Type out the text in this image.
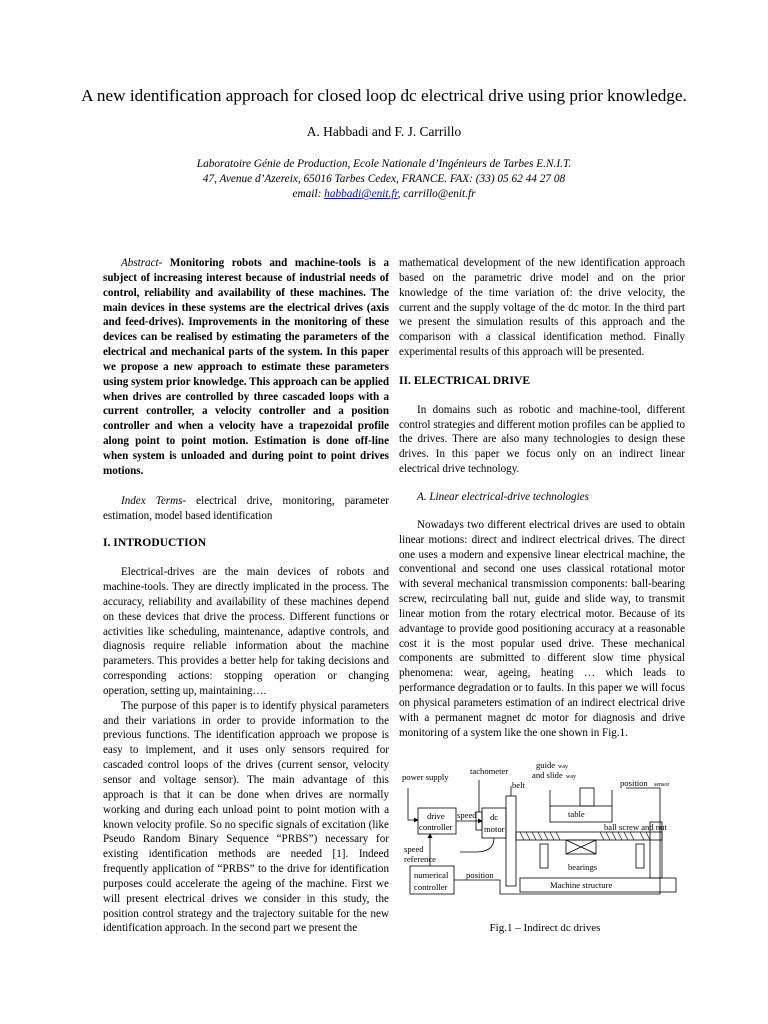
A new identification approach for closed loop dc electrical drive using prior knowledge.
A. Habbadi and F. J. Carrillo
Laboratoire Génie de Production, Ecole Nationale d’Ingénieurs de Tarbes E.N.I.T.
47, Avenue d’Azereix, 65016 Tarbes Cedex, FRANCE. FAX: (33) 05 62 44 27 08
email: habbadi@enit.fr, carrillo@enit.fr

Abstract- Monitoring robots and machine-tools is a subject of increasing interest because of industrial needs of control, reliability and availability of these machines. The main devices in these systems are the electrical drives (axis and feed-drives). Improvements in the monitoring of these devices can be realised by estimating the parameters of the electrical and mechanical parts of the system. In this paper we propose a new approach to estimate these parameters using system prior knowledge. This approach can be applied when drives are controlled by three cascaded loops with a current controller, a velocity controller and a position controller and when a velocity have a trapezoidal profile along point to point motion. Estimation is done off-line when system is unloaded and during point to point drives motions.

Index Terms- electrical drive, monitoring, parameter estimation, model based identification

I. INTRODUCTION

Electrical-drives are the main devices of robots and machine-tools. They are directly implicated in the process. The accuracy, reliability and availability of these machines depend on these devices that drive the process. Different functions or activities like scheduling, maintenance, adaptive controls, and diagnosis require reliable information about the machine parameters. This provides a better help for taking decisions and corresponding actions: stopping operation or changing operation, setting up, maintaining….

The purpose of this paper is to identify physical parameters and their variations in order to provide information to the previous functions. The identification approach we propose is easy to implement, and it uses only sensors required for cascaded control loops of the drives (current sensor, velocity sensor and voltage sensor). The main advantage of this approach is that it can be done when drives are normally working and during each unload point to point motion with a known velocity profile. So no specific signals of excitation (like Pseudo Random Binary Sequence “PRBS”) necessary for existing identification methods are needed [1]. Indeed frequently application of “PRBS” to the drive for identification purposes could accelerate the ageing of the machine. First we will present electrical drives we consider in this study, the position control strategy and the trajectory suitable for the new identification approach. In the second part we present the

mathematical development of the new identification approach based on the parametric drive model and on the prior knowledge of the time variation of: the drive velocity, the current and the supply voltage of the dc motor. In the third part we present the simulation results of this approach and the comparison with a classical identification method. Finally experimental results of this approach will be presented.

II. ELECTRICAL DRIVE

In domains such as robotic and machine-tool, different control strategies and different motion profiles can be applied to the drives. There are also many technologies to design these drives. In this paper we focus only on an indirect linear electrical drive technology.

A. Linear electrical-drive technologies

Nowadays two different electrical drives are used to obtain linear motions: direct and indirect electrical drives. The direct one uses a modern and expensive linear electrical machine, the conventional and second one uses classical rotational motor with several mechanical transmission components: ball-bearing screw, recirculating ball nut, guide and slide way, to transmit linear motion from the rotary electrical motor. Because of its advantage to provide good positioning accuracy at a reasonable cost it is the most popular used drive. These mechanical components are submitted to different slow time physical phenomena: wear, ageing, heating … which leads to performance degradation or to faults. In this paper we will focus on physical parameters estimation of an indirect electrical drive with a permanent magnet dc motor for diagnosis and drive monitoring of a system like the one shown in Fig.1.

power supply
tachometer
guide way
and slide way
belt	position sensor
drive
controller
speed dc
motor
table
ball screw and nut
speed
reference
bearings
numerical
controller
position
Machine structure
Fig.1 – Indirect dc drives
